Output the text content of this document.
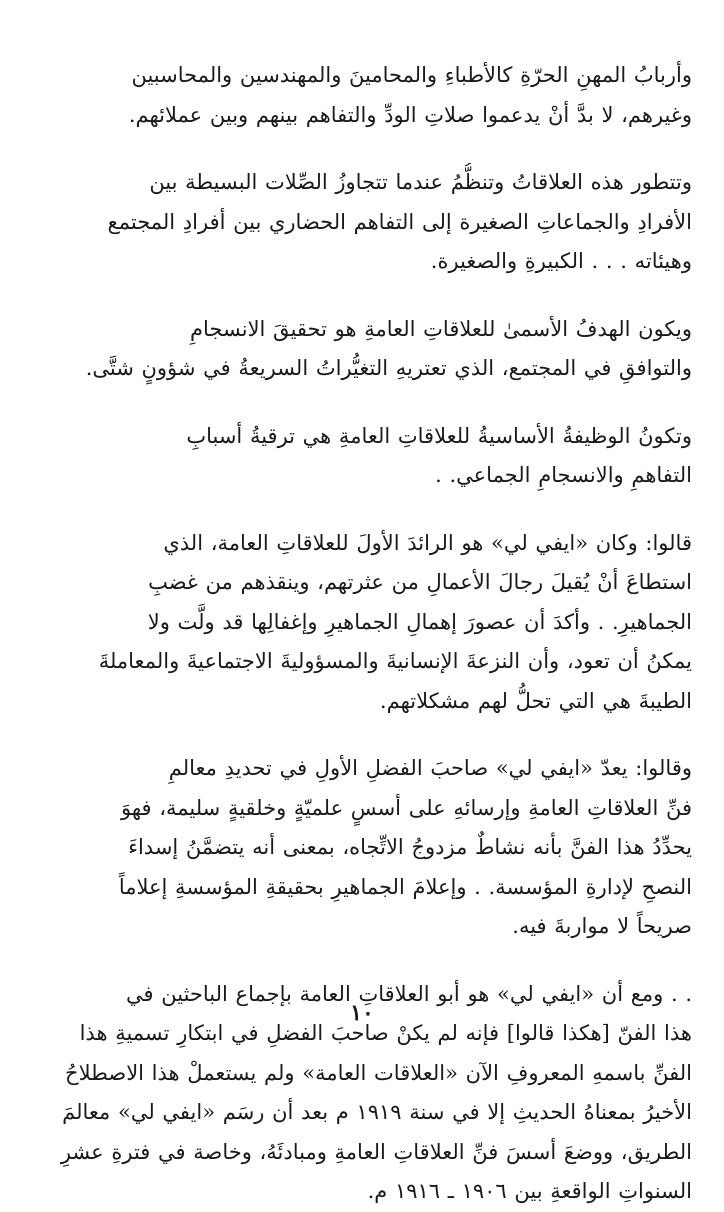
وأربابُ المهنِ الحرّةِ كالأطباءِ والمحامينَ والمهندسين والمحاسبين
وغيرهم، لا بدَّ أنْ يدعموا صلاتِ الودِّ والتفاهم بينهم وبين عملائهم.
وتتطور هذه العلاقاتُ وتنظُّمُ عندما تتجاوزُ الصِّلات البسيطة بين
الأفرادِ والجماعاتِ الصغيرة إلى التفاهم الحضاري بين أفرادِ المجتمع
وهيئاته . . . الكبيرةِ والصغيرة.
ويكون الهدفُ الأسمىٰ للعلاقاتِ العامةِ هو تحقيقَ الانسجامِ
والتوافقِ في المجتمع، الذي تعتريهِ التغيُّراتُ السريعةُ في شؤونٍ شتَّى.
وتكونُ الوظيفةُ الأساسيةُ للعلاقاتِ العامةِ هي ترقيةُ أسبابِ
التفاهمِ والانسجامِ الجماعي. .
قالوا: وكان «ايفي لي» هو الرائدَ الأولَ للعلاقاتِ العامة، الذي
استطاعَ أنْ يُقيلَ رجالَ الأعمالِ من عثرتهم، وينقذهم من غضبِ
الجماهيرِ. . وأكدَ أن عصورَ إهمالِ الجماهيرِ وإغفالِها قد ولَّت ولا
يمكنُ أن تعود، وأن النزعةَ الإنسانيةَ والمسؤوليةَ الاجتماعيةَ والمعاملةَ
الطيبةَ هي التي تحلُّ لهم مشكلاتهم.
وقالوا: يعدّ «ايفي لي» صاحبَ الفضلِ الأولِ في تحديدِ معالمِ
فنِّ العلاقاتِ العامةِ وإرسائهِ على أسسٍ علميّةٍ وخلقيةٍ سليمة، فهوَ
يحدِّدُ هذا الفنَّ بأنه نشاطٌ مزدوجُ الاتِّجاه، بمعنى أنه يتضمَّنُ إسداءَ
النصحِ لإدارةِ المؤسسة. . وإعلامَ الجماهيرِ بحقيقةِ المؤسسةِ إعلاماً
صريحاً لا مواربةَ فيه.
. . ومع أن «ايفي لي» هو أبو العلاقاتِ العامة بإجماع الباحثين في
هذا الفنّ [هكذا قالوا] فإنه لم يكنْ صاحبَ الفضلِ في ابتكارِ تسميةِ هذا
الفنِّ باسمهِ المعروفِ الآن «العلاقات العامة» ولم يستعملْ هذا الاصطلاحُ
الأخيرُ بمعناهُ الحديثِ إلا في سنة ١٩١٩ م بعد أن رسَم «ايفي لي» معالمَ
الطريق، ووضعَ أسسَ فنِّ العلاقاتِ العامةِ ومبادئَهُ، وخاصة في فترةِ عشرِ
السنواتِ الواقعةِ بين ١٩٠٦ ـ ١٩١٦ م.
١٠
